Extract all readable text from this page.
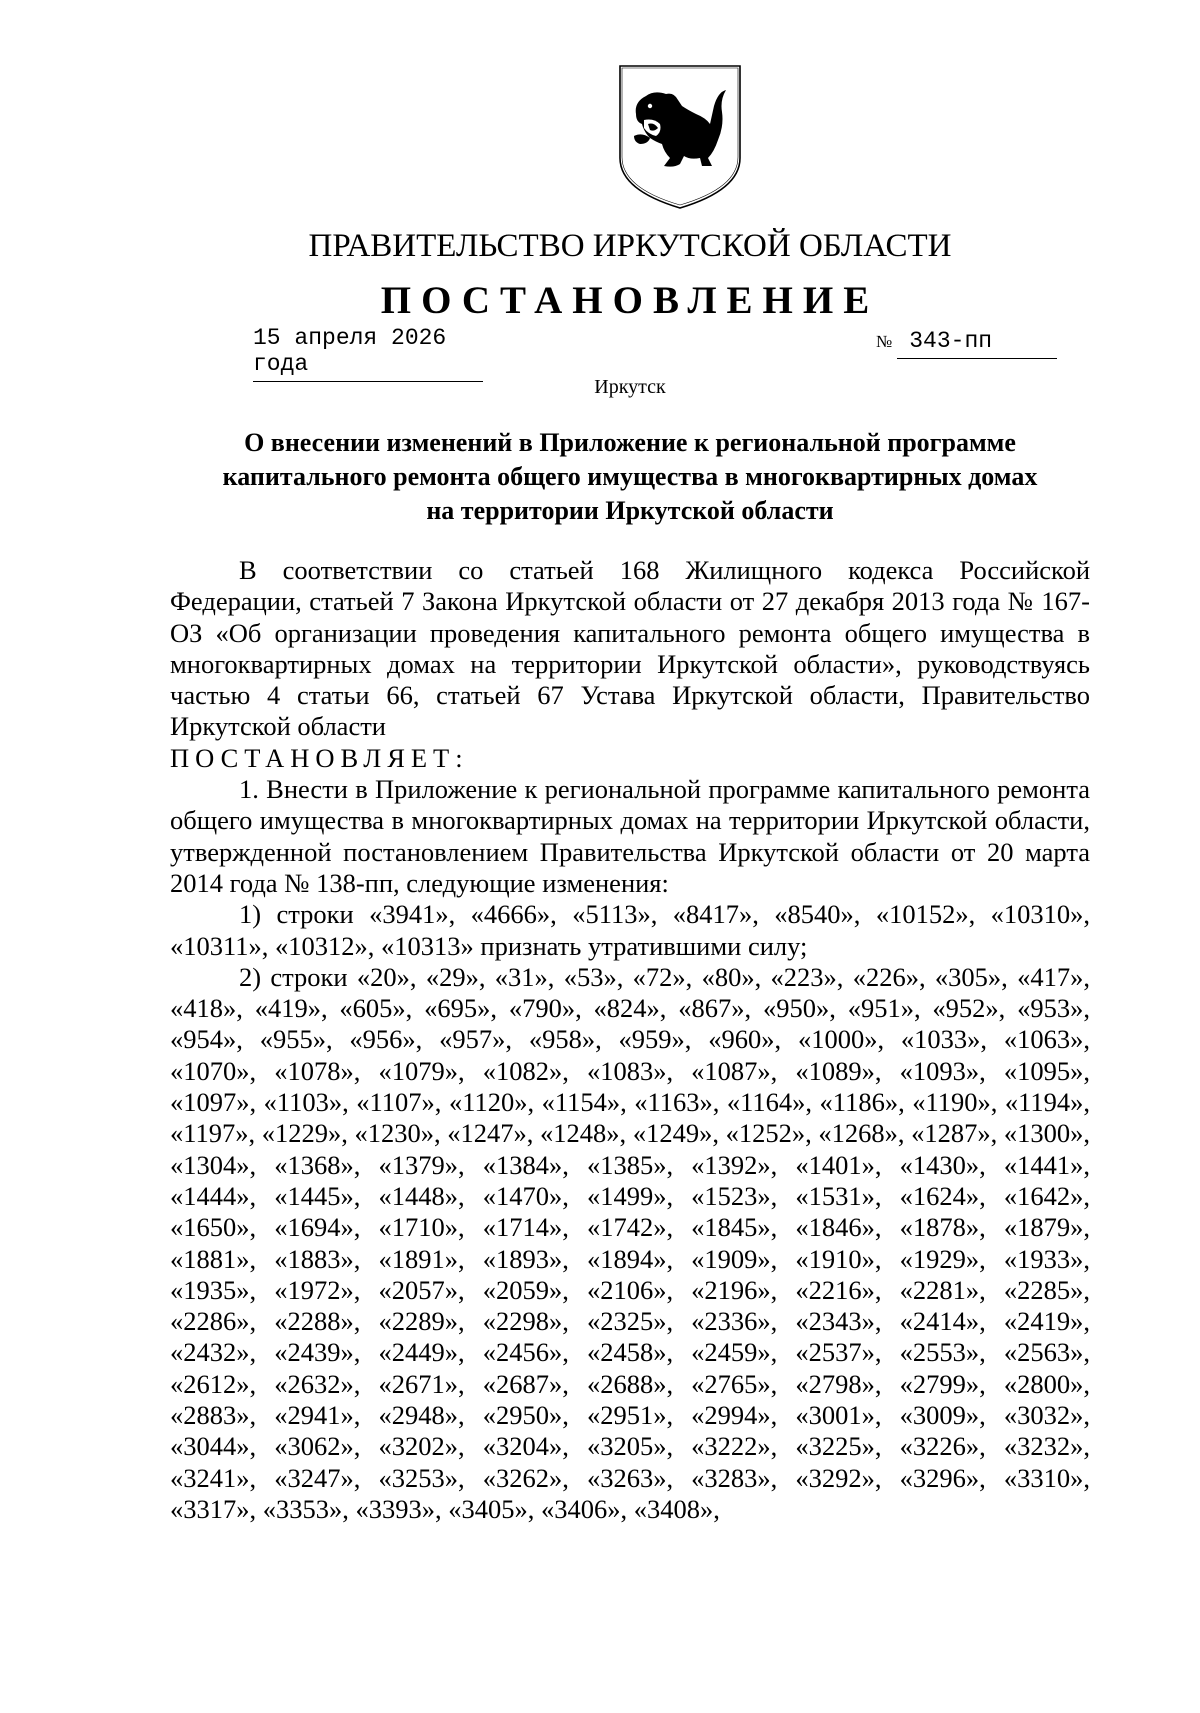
ПРАВИТЕЛЬСТВО ИРКУТСКОЙ ОБЛАСТИ
ПОСТАНОВЛЕНИЕ
15 апреля 2026 года
№ 343-пп
Иркутск
О внесении изменений в Приложение к региональной программе
капитального ремонта общего имущества в многоквартирных домах
на территории Иркутской области

В соответствии со статьей 168 Жилищного кодекса Российской Федерации, статьей 7 Закона Иркутской области от 27 декабря 2013 года № 167-ОЗ «Об организации проведения капитального ремонта общего имущества в многоквартирных домах на территории Иркутской области», руководствуясь частью 4 статьи 66, статьей 67 Устава Иркутской области, Правительство Иркутской области

ПОСТАНОВЛЯЕТ:

1. Внести в Приложение к региональной программе капитального ремонта общего имущества в многоквартирных домах на территории Иркутской области, утвержденной постановлением Правительства Иркутской области от 20 марта 2014 года № 138-пп, следующие изменения:

1) строки «3941», «4666», «5113», «8417», «8540», «10152», «10310», «10311», «10312», «10313» признать утратившими силу;

2) строки «20», «29», «31», «53», «72», «80», «223», «226», «305», «417», «418», «419», «605», «695», «790», «824», «867», «950», «951», «952», «953», «954», «955», «956», «957», «958», «959», «960», «1000», «1033», «1063», «1070», «1078», «1079», «1082», «1083», «1087», «1089», «1093», «1095», «1097», «1103», «1107», «1120», «1154», «1163», «1164», «1186», «1190», «1194», «1197», «1229», «1230», «1247», «1248», «1249», «1252», «1268», «1287», «1300», «1304», «1368», «1379», «1384», «1385», «1392», «1401», «1430», «1441», «1444», «1445», «1448», «1470», «1499», «1523», «1531», «1624», «1642», «1650», «1694», «1710», «1714», «1742», «1845», «1846», «1878», «1879», «1881», «1883», «1891», «1893», «1894», «1909», «1910», «1929», «1933», «1935», «1972», «2057», «2059», «2106», «2196», «2216», «2281», «2285», «2286», «2288», «2289», «2298», «2325», «2336», «2343», «2414», «2419», «2432», «2439», «2449», «2456», «2458», «2459», «2537», «2553», «2563», «2612», «2632», «2671», «2687», «2688», «2765», «2798», «2799», «2800», «2883», «2941», «2948», «2950», «2951», «2994», «3001», «3009», «3032», «3044», «3062», «3202», «3204», «3205», «3222», «3225», «3226», «3232», «3241», «3247», «3253», «3262», «3263», «3283», «3292», «3296», «3310», «3317», «3353», «3393», «3405», «3406», «3408»,
